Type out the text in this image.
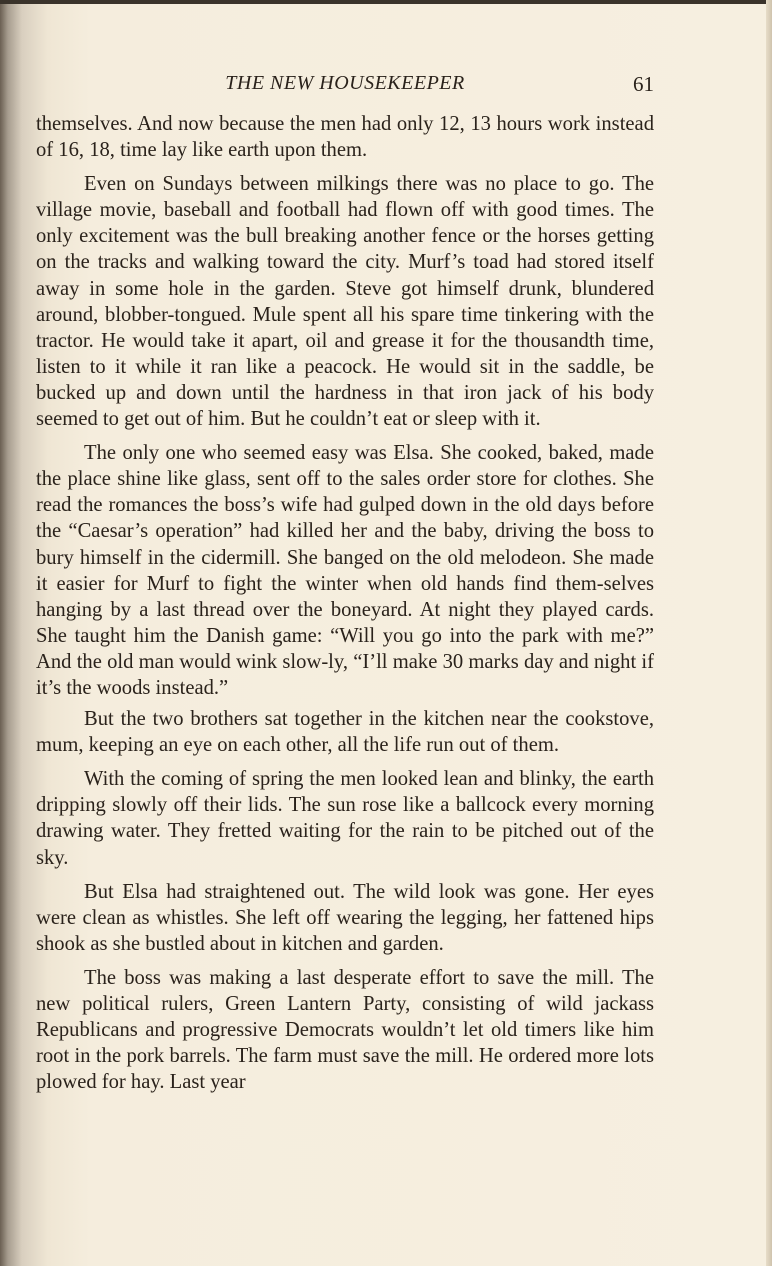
THE NEW HOUSEKEEPER	61

themselves. And now because the men had only 12, 13 hours work instead of 16, 18, time lay like earth upon them.

Even on Sundays between milkings there was no place to go. The village movie, baseball and football had flown off with good times. The only excitement was the bull breaking another fence or the horses getting on the tracks and walking toward the city. Murf’s toad had stored itself away in some hole in the garden. Steve got himself drunk, blundered around, blobber-tongued. Mule spent all his spare time tinkering with the tractor. He would take it apart, oil and grease it for the thousandth time, listen to it while it ran like a peacock. He would sit in the saddle, be bucked up and down until the hardness in that iron jack of his body seemed to get out of him. But he couldn’t eat or sleep with it.

The only one who seemed easy was Elsa. She cooked, baked, made the place shine like glass, sent off to the sales order store for clothes. She read the romances the boss’s wife had gulped down in the old days before the “Caesar’s operation” had killed her and the baby, driving the boss to bury himself in the cidermill. She banged on the old melodeon. She made it easier for Murf to fight the winter when old hands find them-selves hanging by a last thread over the boneyard. At night they played cards. She taught him the Danish game: “Will you go into the park with me?” And the old man would wink slow-ly, “I’ll make 30 marks day and night if it’s the woods instead.”

But the two brothers sat together in the kitchen near the cookstove, mum, keeping an eye on each other, all the life run out of them.

With the coming of spring the men looked lean and blinky, the earth dripping slowly off their lids. The sun rose like a ballcock every morning drawing water. They fretted waiting for the rain to be pitched out of the sky.

But Elsa had straightened out. The wild look was gone. Her eyes were clean as whistles. She left off wearing the legging, her fattened hips shook as she bustled about in kitchen and garden.

The boss was making a last desperate effort to save the mill. The new political rulers, Green Lantern Party, consisting of wild jackass Republicans and progressive Democrats wouldn’t let old timers like him root in the pork barrels. The farm must save the mill. He ordered more lots plowed for hay. Last year
